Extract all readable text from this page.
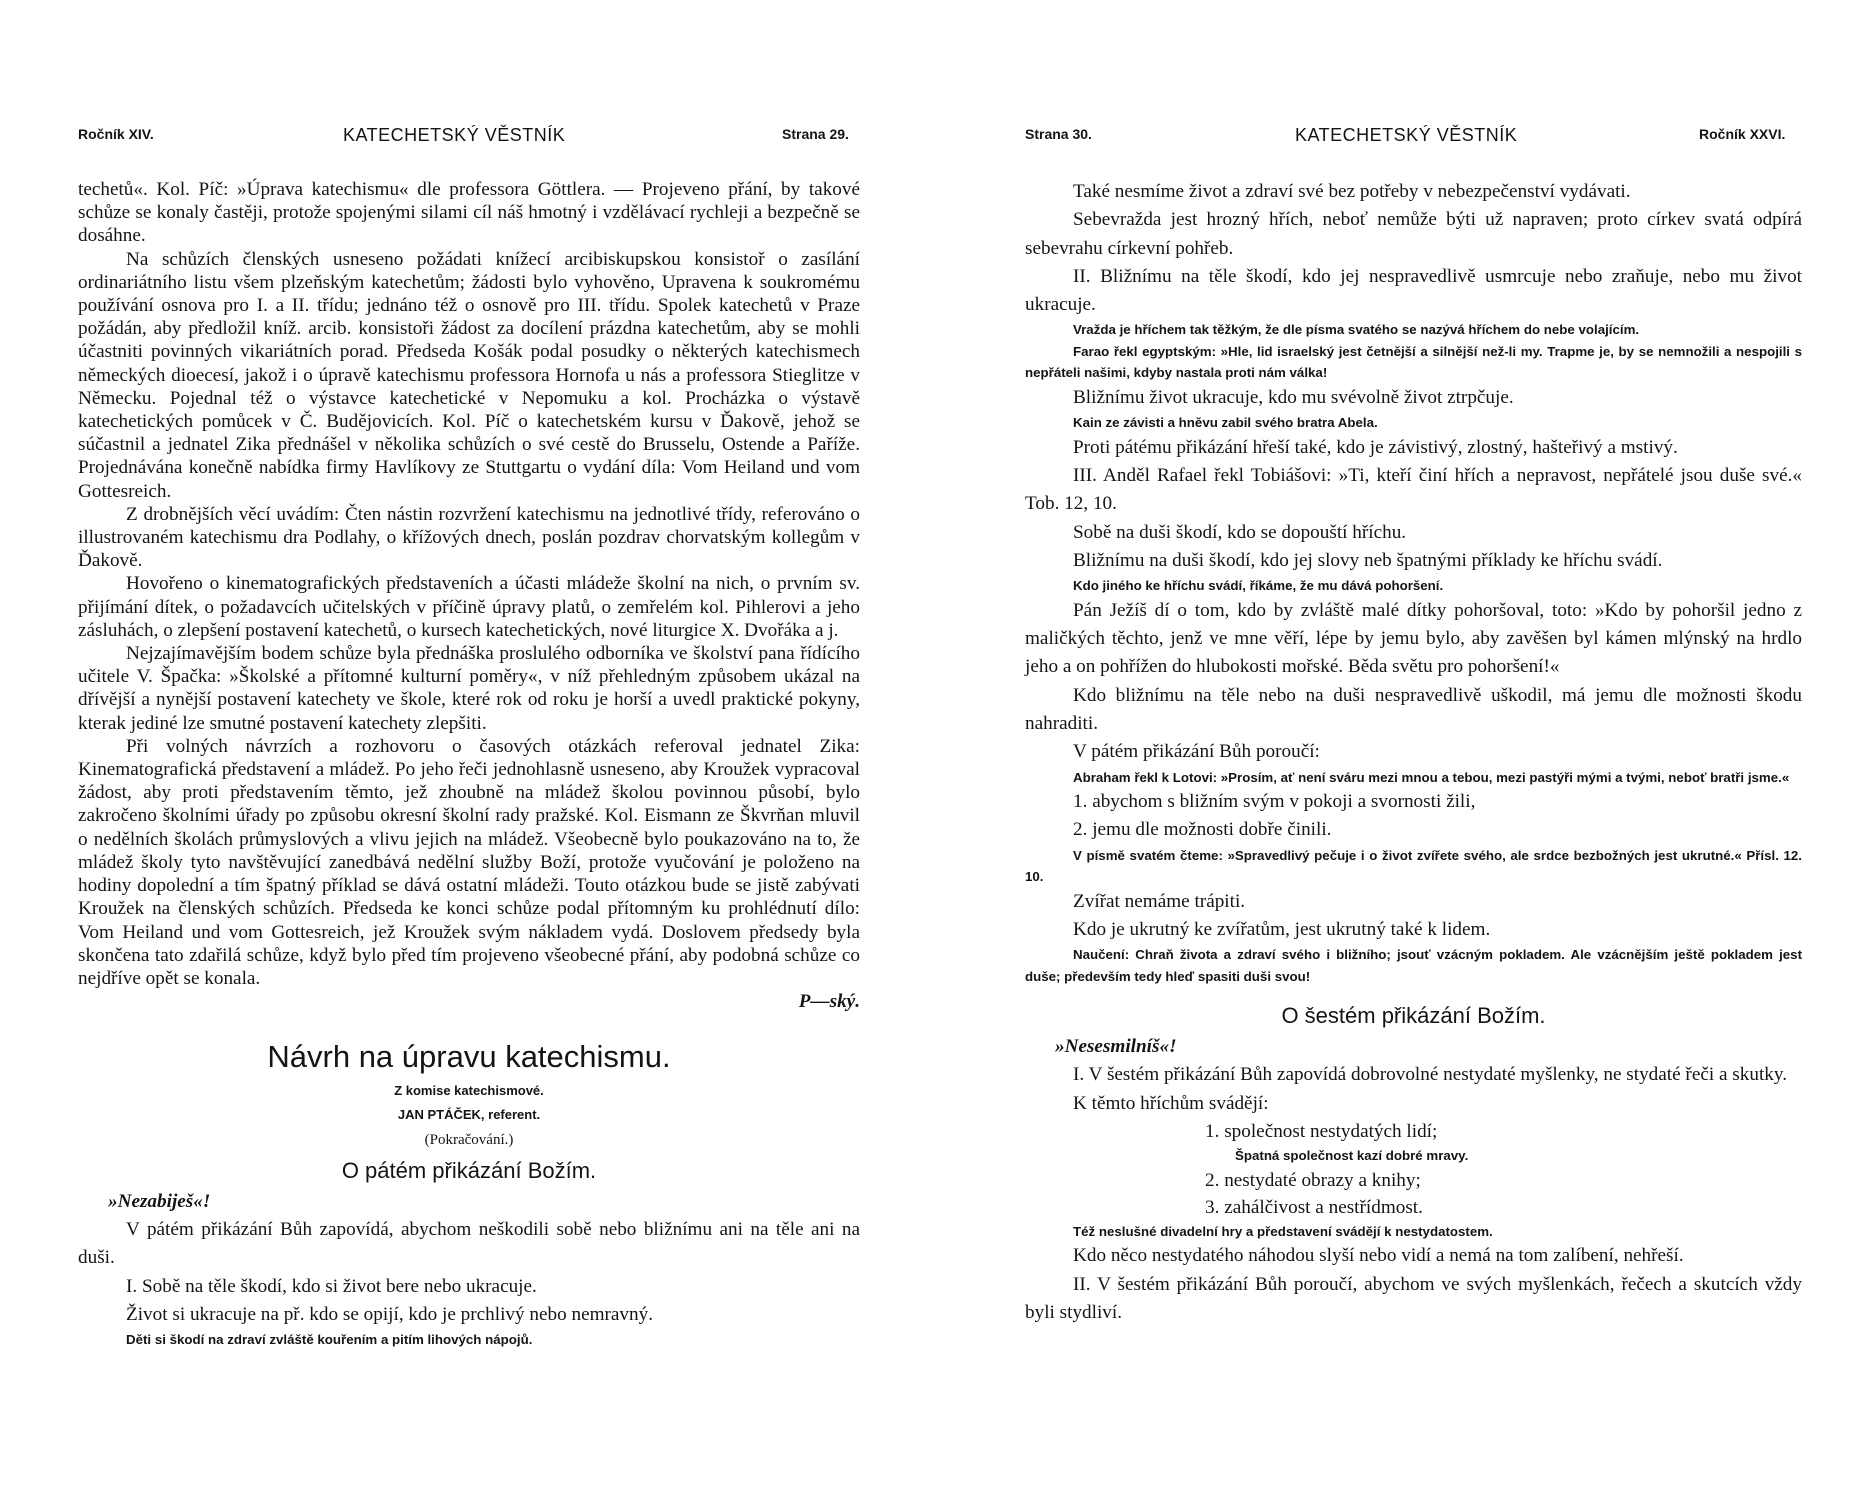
Ročník XIV.	KATECHETSKÝ VĚSTNÍK	Strana 29.

techetů«. Kol. Píč: »Úprava katechismu« dle professora Göttlera. — Projeveno přání, by takové schůze se konaly častěji, protože spojenými silami cíl náš hmotný i vzdělávací rychleji a bezpečně se dosáhne.

Na schůzích členských usneseno požádati knížecí arcibiskupskou konsistoř o zasílání ordinariátního listu všem plzeňským katechetům; žádosti bylo vyhověno, Upravena k soukromému používání osnova pro I. a II. třídu; jednáno též o osnově pro III. třídu. Spolek katechetů v Praze požádán, aby předložil kníž. arcib. konsistoři žádost za docílení prázdna katechetům, aby se mohli účastniti povinných vikariátních porad. Předseda Košák podal posudky o některých katechismech německých dioecesí, jakož i o úpravě katechismu professora Hornofa u nás a professora Stieglitze v Německu. Pojednal též o výstavce katechetické v Nepomuku a kol. Procházka o výstavě katechetických pomůcek v Č. Budějovicích. Kol. Píč o katechetském kursu v Ďakově, jehož se súčastnil a jednatel Zika přednášel v několika schůzích o své cestě do Brusselu, Ostende a Paříže. Projednávána konečně nabídka firmy Havlíkovy ze Stuttgartu o vydání díla: Vom Heiland und vom Gottesreich.

Z drobnějších věcí uvádím: Čten nástin rozvržení katechismu na jednotlivé třídy, referováno o illustrovaném katechismu dra Podlahy, o křížových dnech, poslán pozdrav chorvatským kollegům v Ďakově.

Hovořeno o kinematografických představeních a účasti mládeže školní na nich, o prvním sv. přijímání dítek, o požadavcích učitelských v příčině úpravy platů, o zemřelém kol. Pihlerovi a jeho zásluhách, o zlepšení postavení katechetů, o kursech katechetických, nové liturgice X. Dvořáka a j.

Nejzajímavějším bodem schůze byla přednáška proslulého odborníka ve školství pana řídícího učitele V. Špačka: »Školské a přítomné kulturní poměry«, v níž přehledným způsobem ukázal na dřívější a nynější postavení katechety ve škole, které rok od roku je horší a uvedl praktické pokyny, kterak jediné lze smutné postavení katechety zlepšiti.

Při volných návrzích a rozhovoru o časových otázkách referoval jednatel Zika: Kinematografická představení a mládež. Po jeho řeči jednohlasně usneseno, aby Kroužek vypracoval žádost, aby proti představením těmto, jež zhoubně na mládež školou povinnou působí, bylo zakročeno školními úřady po způsobu okresní školní rady pražské. Kol. Eismann ze Škvrňan mluvil o nedělních školách průmyslových a vlivu jejich na mládež. Všeobecně bylo poukazováno na to, že mládež školy tyto navštěvující zanedbává nedělní služby Boží, protože vyučování je položeno na hodiny dopolední a tím špatný příklad se dává ostatní mládeži. Touto otázkou bude se jistě zabývati Kroužek na členských schůzích. Předseda ke konci schůze podal přítomným ku prohlédnutí dílo: Vom Heiland und vom Gottesreich, jež Kroužek svým nákladem vydá. Doslovem předsedy byla skončena tato zdařilá schůze, když bylo před tím projeveno všeobecné přání, aby podobná schůze co nejdříve opět se konala.

P—ský.

Návrh na úpravu katechismu.
Z komise katechismové.
JAN PTÁČEK, referent.
(Pokračování.)
O pátém přikázání Božím.
»Nezabiješ«!

V pátém přikázání Bůh zapovídá, abychom neškodili sobě nebo bližnímu ani na těle ani na duši.

I. Sobě na těle škodí, kdo si život bere nebo ukracuje.

Život si ukracuje na př. kdo se opijí, kdo je prchlivý nebo nemravný.

Děti si škodí na zdraví zvláště kouřením a pitím lihových nápojů.

Strana 30.	KATECHETSKÝ VĚSTNÍK	Ročník XXVI.

Také nesmíme život a zdraví své bez potřeby v nebezpečenství vydávati.

Sebevražda jest hrozný hřích, neboť nemůže býti už napraven; proto církev svatá odpírá sebevrahu církevní pohřeb.

II. Bližnímu na těle škodí, kdo jej nespravedlivě usmrcuje nebo zraňuje, nebo mu život ukracuje.

Vražda je hříchem tak těžkým, že dle písma svatého se nazývá hříchem do nebe volajícím.

Farao řekl egyptským: »Hle, lid israelský jest četnější a silnější než-li my. Trapme je, by se nemnožili a nespojili s nepřáteli našimi, kdyby nastala proti nám válka!

Bližnímu život ukracuje, kdo mu svévolně život ztrpčuje.

Kain ze závisti a hněvu zabil svého bratra Abela.

Proti pátému přikázání hřeší také, kdo je závistivý, zlostný, hašteřivý a mstivý.

III. Anděl Rafael řekl Tobiášovi: »Ti, kteří činí hřích a nepravost, nepřátelé jsou duše své.« Tob. 12, 10.

Sobě na duši škodí, kdo se dopouští hříchu.

Bližnímu na duši škodí, kdo jej slovy neb špatnými příklady ke hříchu svádí.

Kdo jiného ke hříchu svádí, říkáme, že mu dává pohoršení.

Pán Ježíš dí o tom, kdo by zvláště malé dítky pohoršoval, toto: »Kdo by pohoršil jedno z maličkých těchto, jenž ve mne věří, lépe by jemu bylo, aby zavěšen byl kámen mlýnský na hrdlo jeho a on pohřížen do hlubokosti mořské. Běda světu pro pohoršení!«

Kdo bližnímu na těle nebo na duši nespravedlivě uškodil, má jemu dle možnosti škodu nahraditi.

V pátém přikázání Bůh poroučí:

Abraham řekl k Lotovi: »Prosím, ať není sváru mezi mnou a tebou, mezi pastýři mými a tvými, neboť bratři jsme.«

1. abychom s bližním svým v pokoji a svornosti žili,

2. jemu dle možnosti dobře činili.

V písmě svatém čteme: »Spravedlivý pečuje i o život zvířete svého, ale srdce bezbožných jest ukrutné.« Přísl. 12. 10.

Zvířat nemáme trápiti.

Kdo je ukrutný ke zvířatům, jest ukrutný také k lidem.

Naučení: Chraň života a zdraví svého i bližního; jsouť vzácným pokladem. Ale vzácnějším ještě pokladem jest duše; především tedy hleď spasiti duši svou!

O šestém přikázání Božím.
»Nesesmilníš«!

I. V šestém přikázání Bůh zapovídá dobrovolné nestydaté myšlenky, ne stydaté řeči a skutky.

K těmto hříchům svádějí:

1. společnost nestydatých lidí;
Špatná společnost kazí dobré mravy.
2. nestydaté obrazy a knihy;
3. zahálčivost a nestřídmost.

Též neslušné divadelní hry a představení svádějí k nestydatostem.

Kdo něco nestydatého náhodou slyší nebo vidí a nemá na tom zalíbení, nehřeší.

II. V šestém přikázání Bůh poroučí, abychom ve svých myšlenkách, řečech a skutcích vždy byli stydliví.
